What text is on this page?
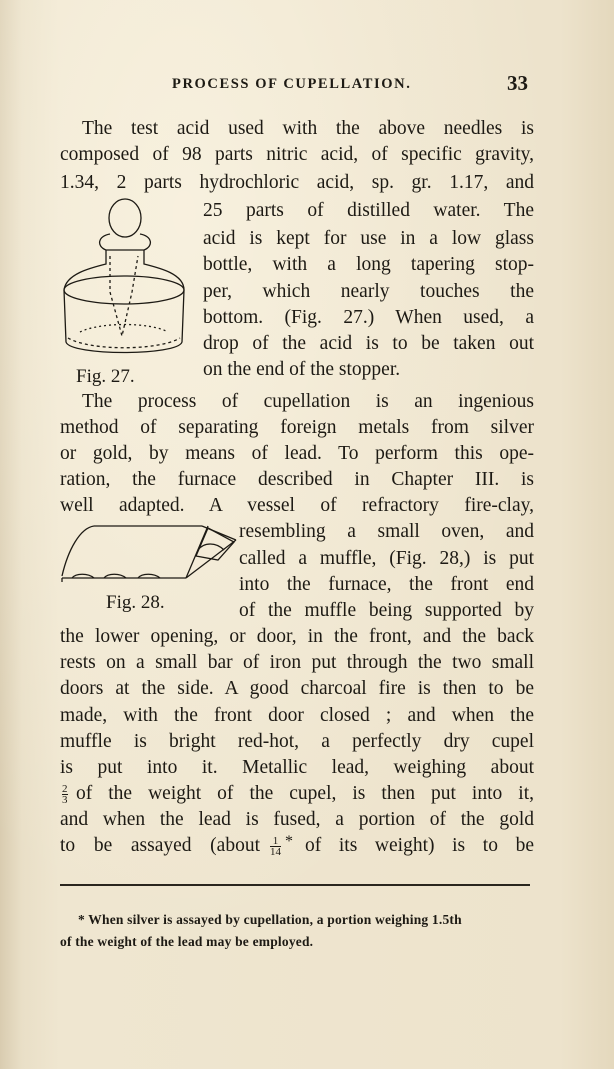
PROCESS OF CUPELLATION.	33
The test acid used with the above needles is
composed of 98 parts nitric acid, of specific gravity,
1.34, 2 parts hydrochloric acid, sp. gr. 1.17, and
Fig. 27.
25 parts of distilled water. The
acid is kept for use in a low glass
bottle, with a long tapering stop-
per, which nearly touches the
bottom. (Fig. 27.) When used, a
drop of the acid is to be taken out
on the end of the stopper.
The process of cupellation is an ingenious
method of separating foreign metals from silver
or gold, by means of lead. To perform this ope-
ration, the furnace described in Chapter III. is
well adapted. A vessel of refractory fire-clay,
Fig. 28.
resembling a small oven, and
called a muffle, (Fig. 28,) is put
into the furnace, the front end
of the muffle being supported by
the lower opening, or door, in the front, and the back
rests on a small bar of iron put through the two small
doors at the side. A good charcoal fire is then to be
made, with the front door closed ; and when the
muffle is bright red-hot, a perfectly dry cupel
is put into it. Metallic lead, weighing about
$\frac{2}{3}$ of the weight of the cupel, is then put into it,
and when the lead is fused, a portion of the gold
to be assayed (about $\frac{1}{14}$ * of its weight) is to be
* When silver is assayed by cupellation, a portion weighing 1.5th
of the weight of the lead may be employed.
